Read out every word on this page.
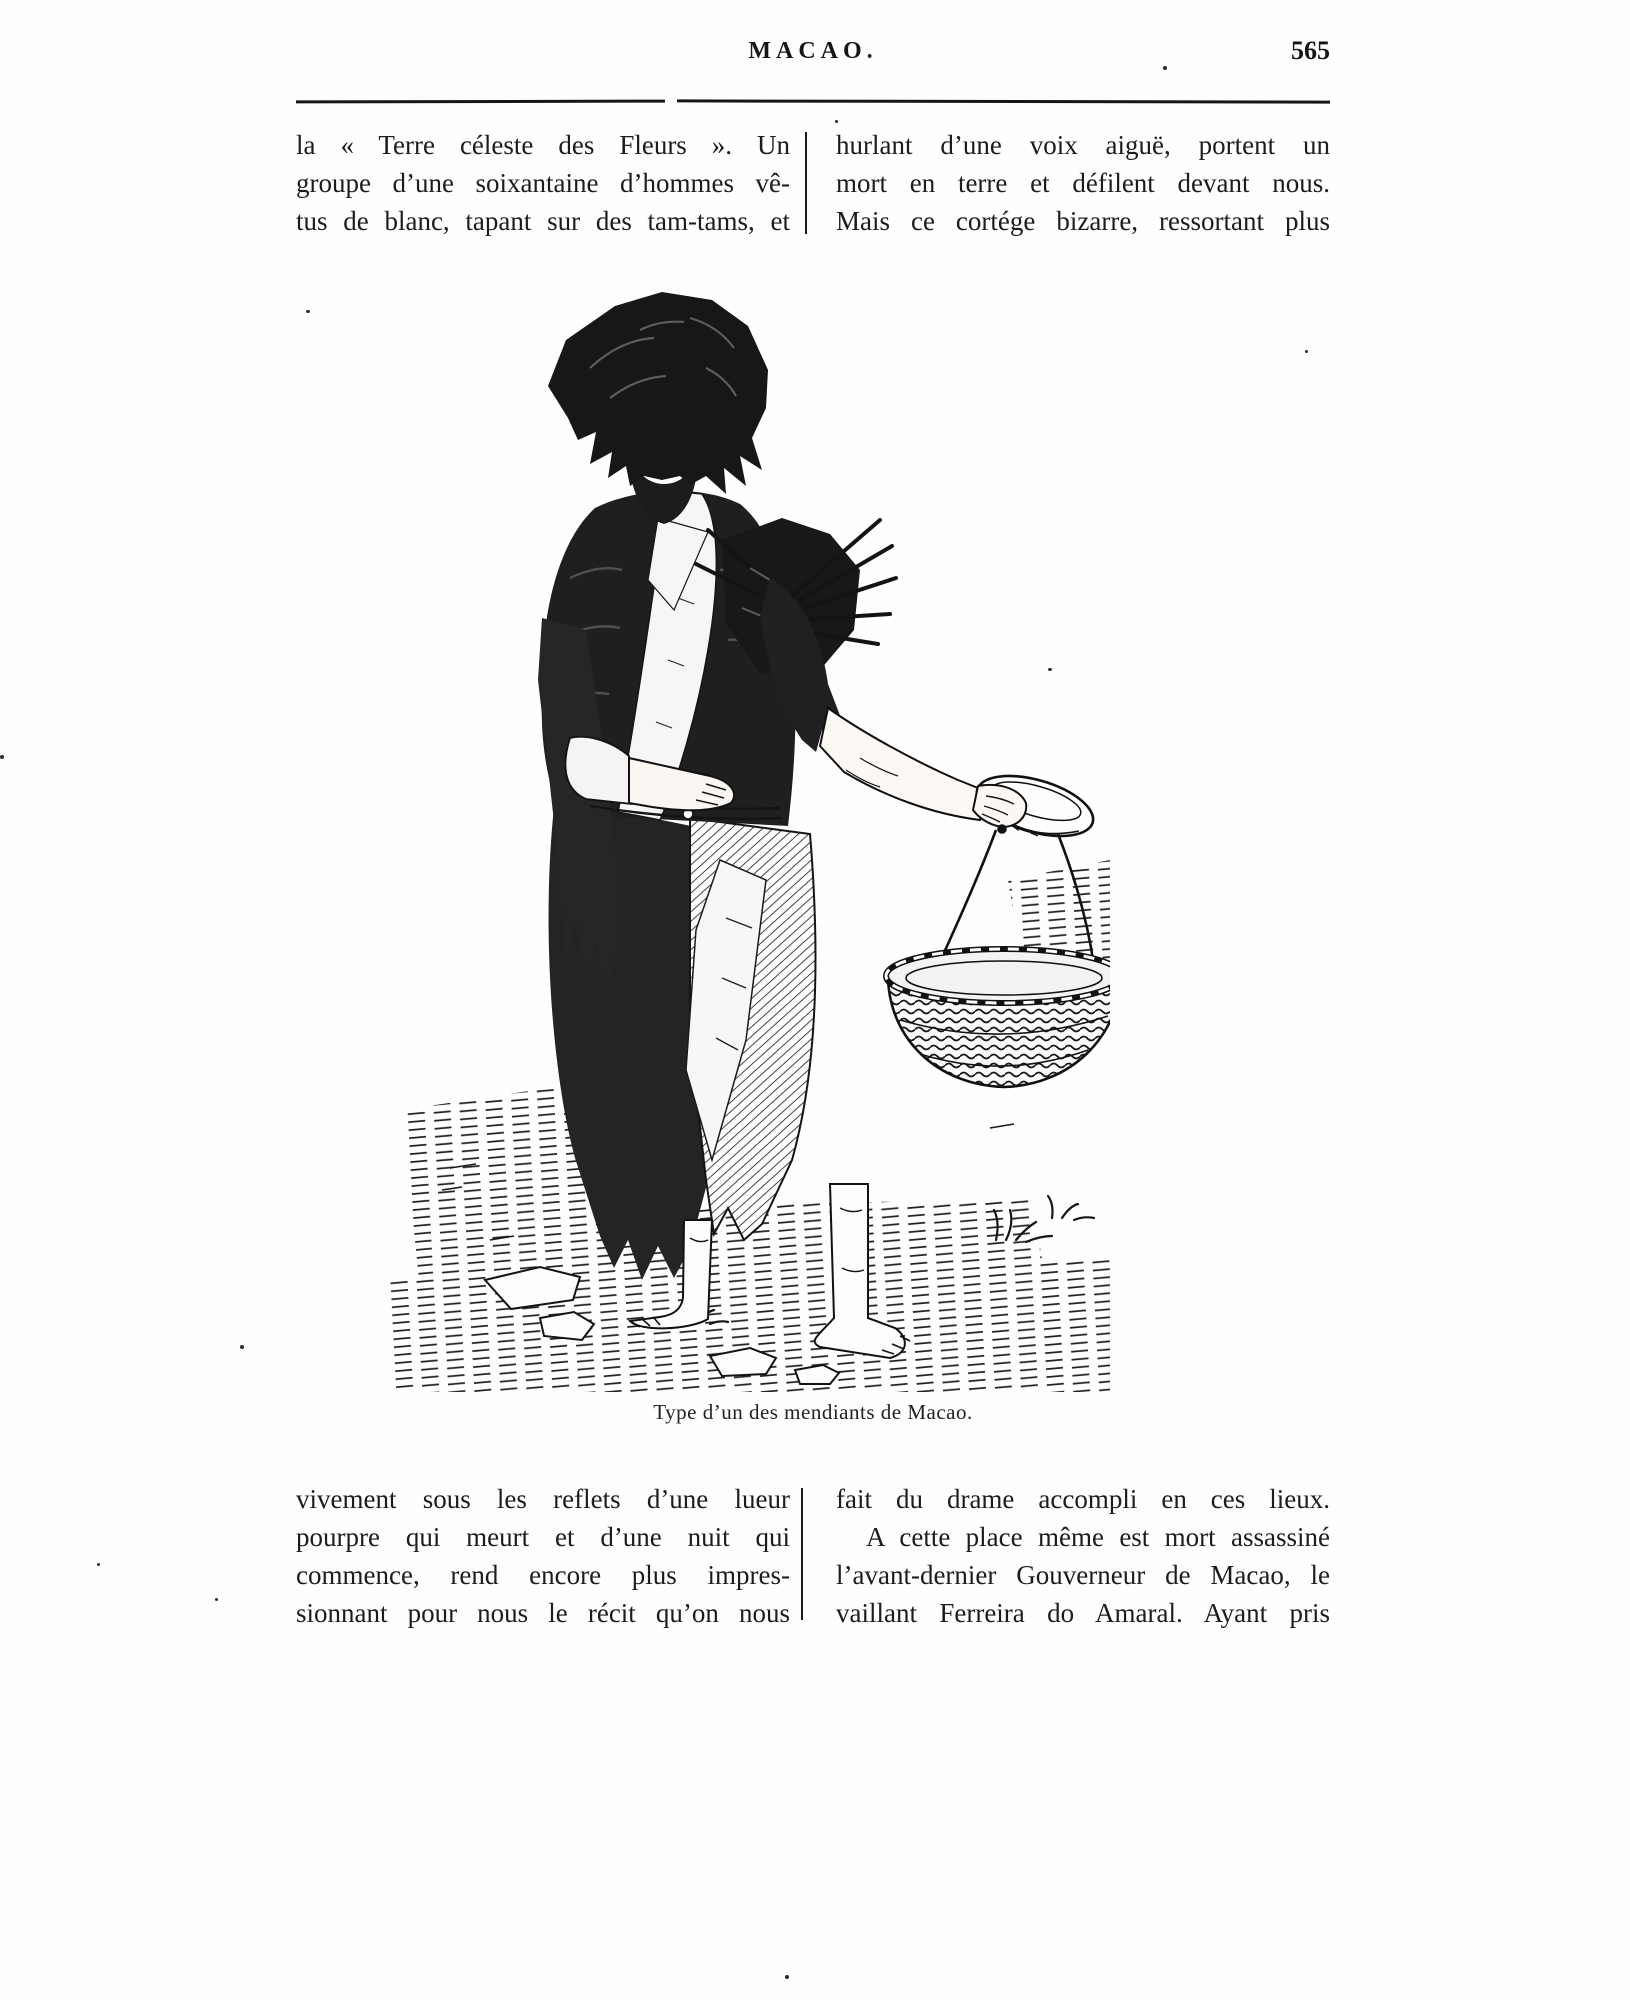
MACAO.	565
la « Terre céleste des Fleurs ». Un
groupe d’une soixantaine d’hommes vê-
tus de blanc, tapant sur des tam-tams, et
hurlant d’une voix aiguë, portent un
mort en terre et défilent devant nous.
Mais ce cortége bizarre, ressortant plus
Type d’un des mendiants de Macao.
vivement sous les reflets d’une lueur
pourpre qui meurt et d’une nuit qui
commence, rend encore plus impres-
sionnant pour nous le récit qu’on nous
fait du drame accompli en ces lieux.
A cette place même est mort assassiné
l’avant-dernier Gouverneur de Macao, le
vaillant Ferreira do Amaral. Ayant pris
